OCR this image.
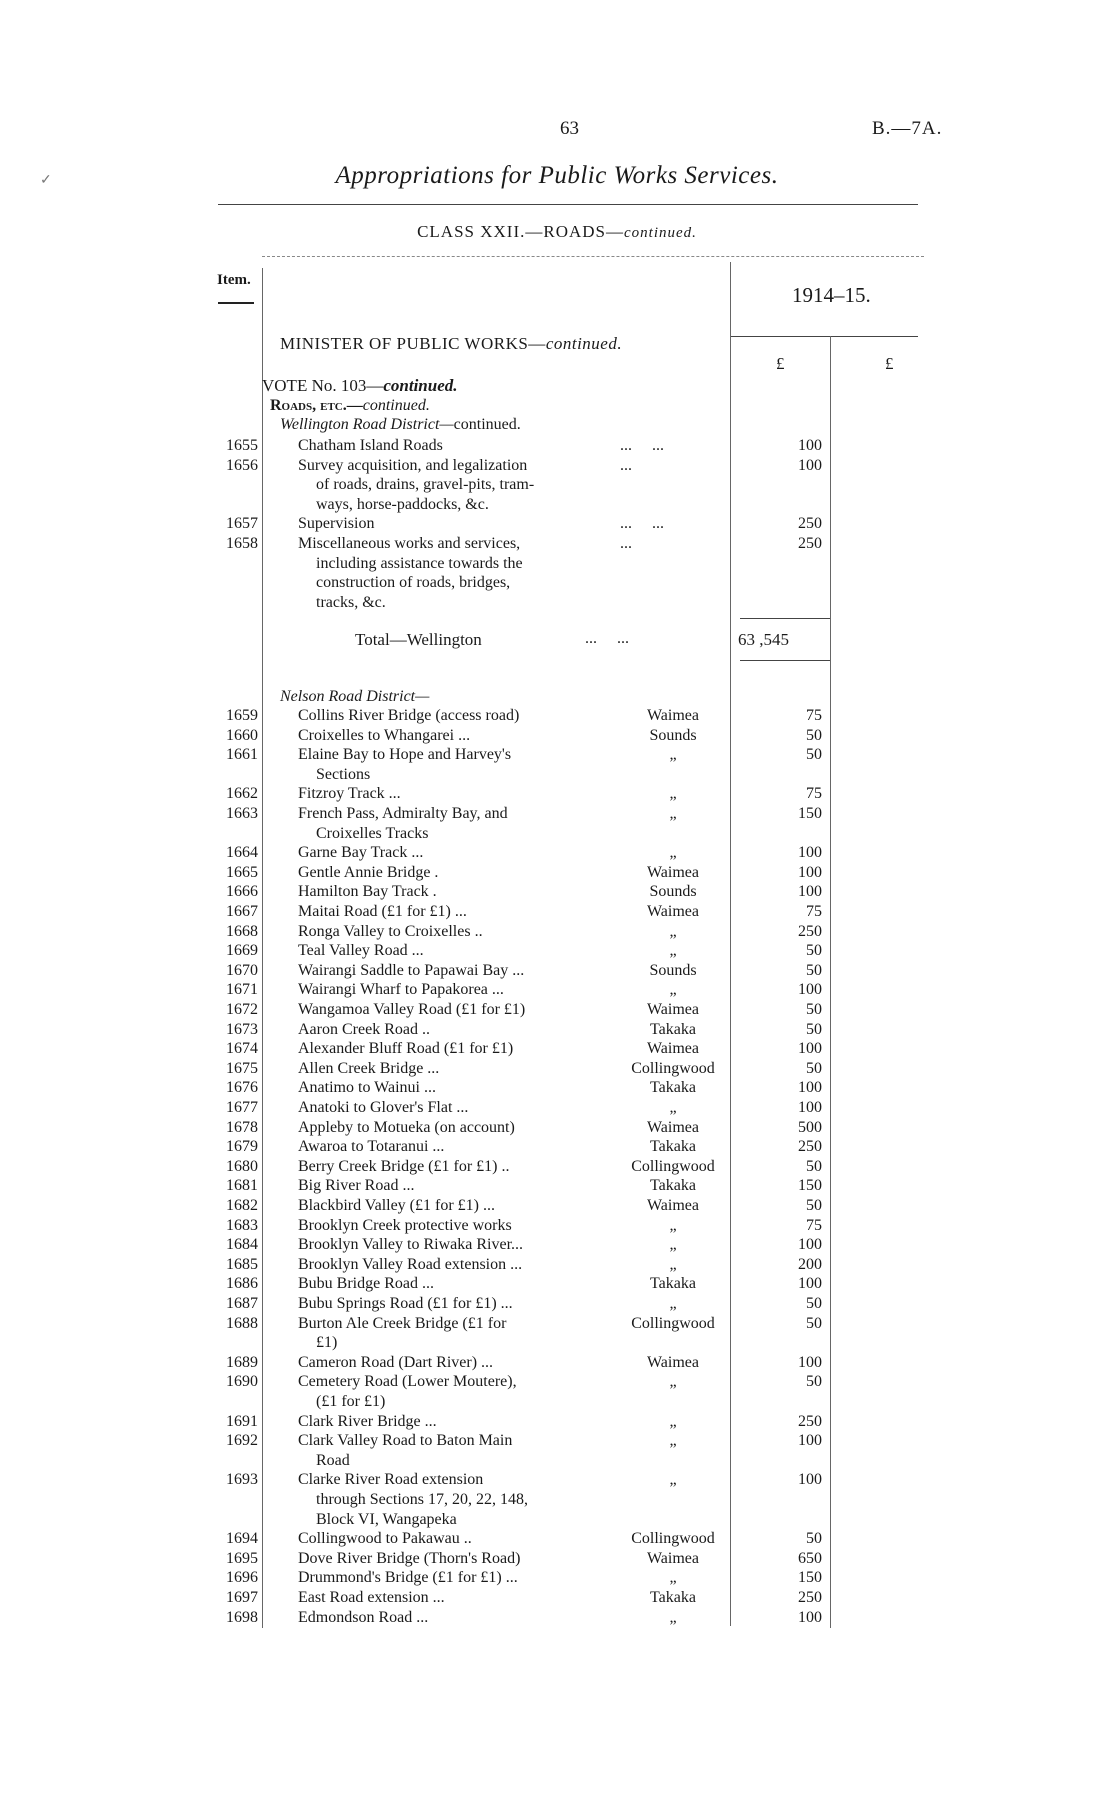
63	B.—7A.
Appropriations for Public Works Services.
CLASS XXII.—ROADS—continued.
Item.
1914–15.
£	£
MINISTER OF PUBLIC WORKS—continued.
VOTE No. 103—continued.
Roads, etc.—continued.
Wellington Road District—continued.
1655	Chatham Island Roads	...     ...	100
1656	Survey acquisition, and legalization	...	100
of roads, drains, gravel-pits, tram-
ways, horse-paddocks, &c.
1657	Supervision	...     ...	250
1658	Miscellaneous works and services,	...	250
including assistance towards the
construction of roads, bridges,
tracks, &c.
Total—Wellington	...     ...	63 ,545
Nelson Road District—
1659	Collins River Bridge (access road)	Waimea	75
1660	Croixelles to Whangarei ...	Sounds	50
1661	Elaine Bay to Hope and Harvey's	„	50
Sections
1662	Fitzroy Track ...	„	75
1663	French Pass, Admiralty Bay, and	„	150
Croixelles Tracks
1664	Garne Bay Track ...	„	100
1665	Gentle Annie Bridge .	Waimea	100
1666	Hamilton Bay Track .	Sounds	100
1667	Maitai Road (£1 for £1) ...	Waimea	75
1668	Ronga Valley to Croixelles ..	„	250
1669	Teal Valley Road ...	„	50
1670	Wairangi Saddle to Papawai Bay ...	Sounds	50
1671	Wairangi Wharf to Papakorea ...	„	100
1672	Wangamoa Valley Road (£1 for £1)	Waimea	50
1673	Aaron Creek Road ..	Takaka	50
1674	Alexander Bluff Road (£1 for £1)	Waimea	100
1675	Allen Creek Bridge ...	Collingwood	50
1676	Anatimo to Wainui ...	Takaka	100
1677	Anatoki to Glover's Flat ...	„	100
1678	Appleby to Motueka (on account)	Waimea	500
1679	Awaroa to Totaranui ...	Takaka	250
1680	Berry Creek Bridge (£1 for £1) ..	Collingwood	50
1681	Big River Road ...	Takaka	150
1682	Blackbird Valley (£1 for £1) ...	Waimea	50
1683	Brooklyn Creek protective works	„	75
1684	Brooklyn Valley to Riwaka River...	„	100
1685	Brooklyn Valley Road extension ...	„	200
1686	Bubu Bridge Road ...	Takaka	100
1687	Bubu Springs Road (£1 for £1) ...	„	50
1688	Burton Ale Creek Bridge (£1 for	Collingwood	50
£1)
1689	Cameron Road (Dart River) ...	Waimea	100
1690	Cemetery Road (Lower Moutere),	„	50
(£1 for £1)
1691	Clark River Bridge ...	„	250
1692	Clark Valley Road to Baton Main	„	100
Road
1693	Clarke River Road extension	„	100
through Sections 17, 20, 22, 148,
Block VI, Wangapeka
1694	Collingwood to Pakawau ..	Collingwood	50
1695	Dove River Bridge (Thorn's Road)	Waimea	650
1696	Drummond's Bridge (£1 for £1) ...	„	150
1697	East Road extension ...	Takaka	250
1698	Edmondson Road ...	„	100
✓
